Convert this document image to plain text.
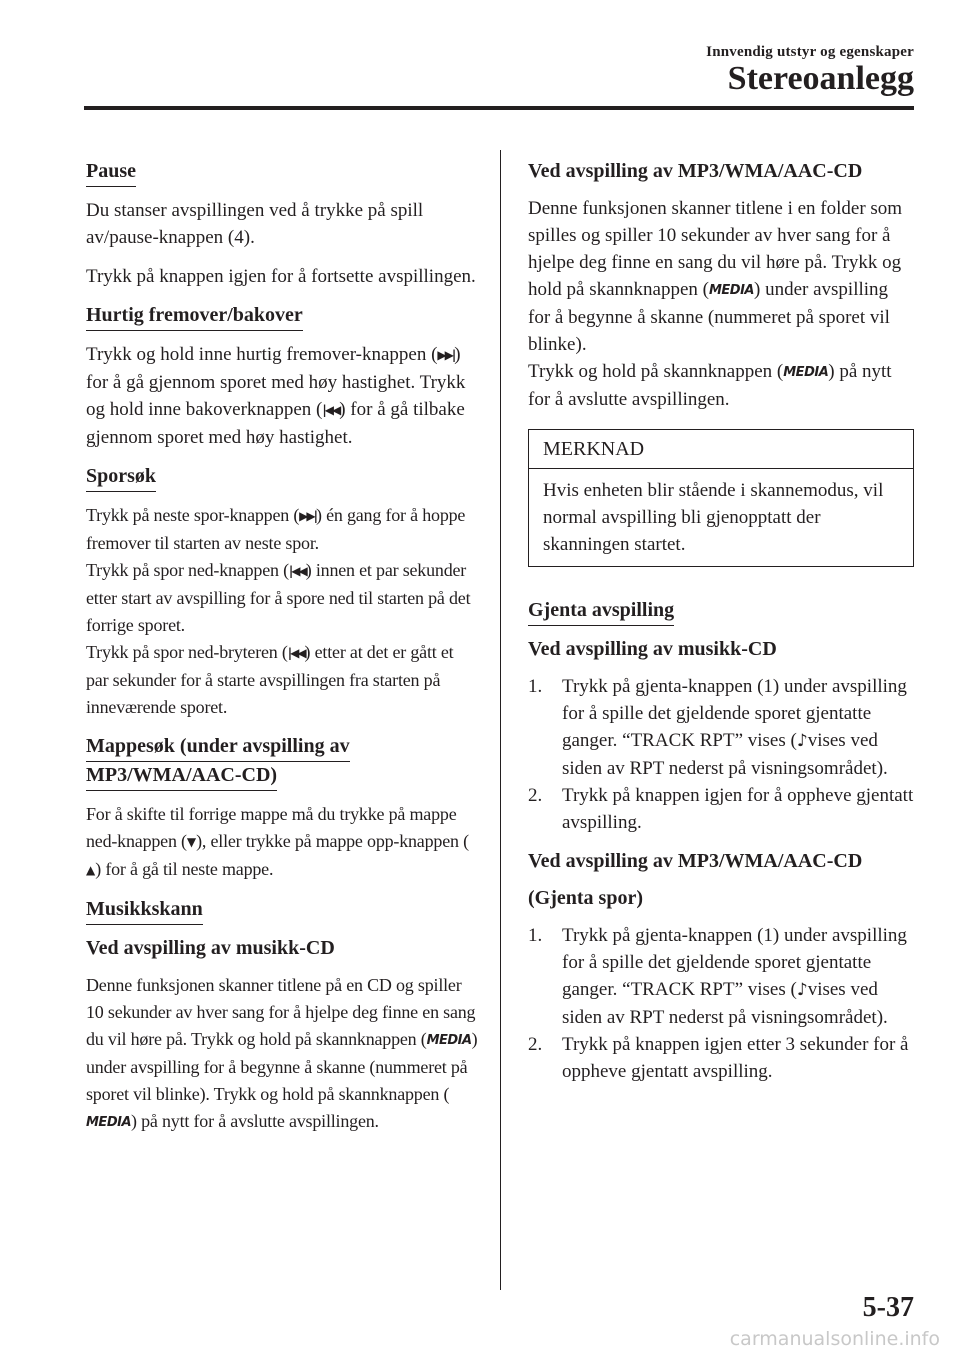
Innvendig utstyr og egenskaper
Stereoanlegg
Pause
Du stanser avspillingen ved å trykke på spill av/pause-knappen (4).
Trykk på knappen igjen for å fortsette avspillingen.
Hurtig fremover/bakover
Trykk og hold inne hurtig fremover-knappen (▶▶|) for å gå gjennom sporet med høy hastighet. Trykk og hold inne bakoverknappen (|◀◀) for å gå tilbake gjennom sporet med høy hastighet.
Sporsøk
Trykk på neste spor-knappen (▶▶|) én gang for å hoppe fremover til starten av neste spor.
Trykk på spor ned-knappen (|◀◀) innen et par sekunder etter start av avspilling for å spore ned til starten på det forrige sporet.
Trykk på spor ned-bryteren (|◀◀) etter at det er gått et par sekunder for å starte avspillingen fra starten på inneværende sporet.
Mappesøk (under avspilling av
MP3/WMA/AAC-CD)
For å skifte til forrige mappe må du trykke på mappe ned-knappen (▼), eller trykke på mappe opp-knappen (▲) for å gå til neste mappe.
Musikkskann
Ved avspilling av musikk-CD
Denne funksjonen skanner titlene på en CD og spiller 10 sekunder av hver sang for å hjelpe deg finne en sang du vil høre på. Trykk og hold på skannknappen (MEDIA) under avspilling for å begynne å skanne (nummeret på sporet vil blinke). Trykk og hold på skannknappen (MEDIA) på nytt for å avslutte avspillingen.
Ved avspilling av MP3/WMA/AAC-CD
Denne funksjonen skanner titlene i en folder som spilles og spiller 10 sekunder av hver sang for å hjelpe deg finne en sang du vil høre på. Trykk og hold på skannknappen (MEDIA) under avspilling for å begynne å skanne (nummeret på sporet vil blinke).
Trykk og hold på skannknappen (MEDIA) på nytt for å avslutte avspillingen.
MERKNAD
Hvis enheten blir stående i skannemodus, vil normal avspilling bli gjenopptatt der skanningen startet.
Gjenta avspilling
Ved avspilling av musikk-CD
1. Trykk på gjenta-knappen (1) under avspilling for å spille det gjeldende sporet gjentatte ganger. “TRACK RPT” vises (♪vises ved siden av RPT nederst på visningsområdet).
2. Trykk på knappen igjen for å oppheve gjentatt avspilling.
Ved avspilling av MP3/WMA/AAC-CD
(Gjenta spor)
1. Trykk på gjenta-knappen (1) under avspilling for å spille det gjeldende sporet gjentatte ganger. “TRACK RPT” vises (♪vises ved siden av RPT nederst på visningsområdet).
2. Trykk på knappen igjen etter 3 sekunder for å oppheve gjentatt avspilling.
5-37
carmanualsonline.info
